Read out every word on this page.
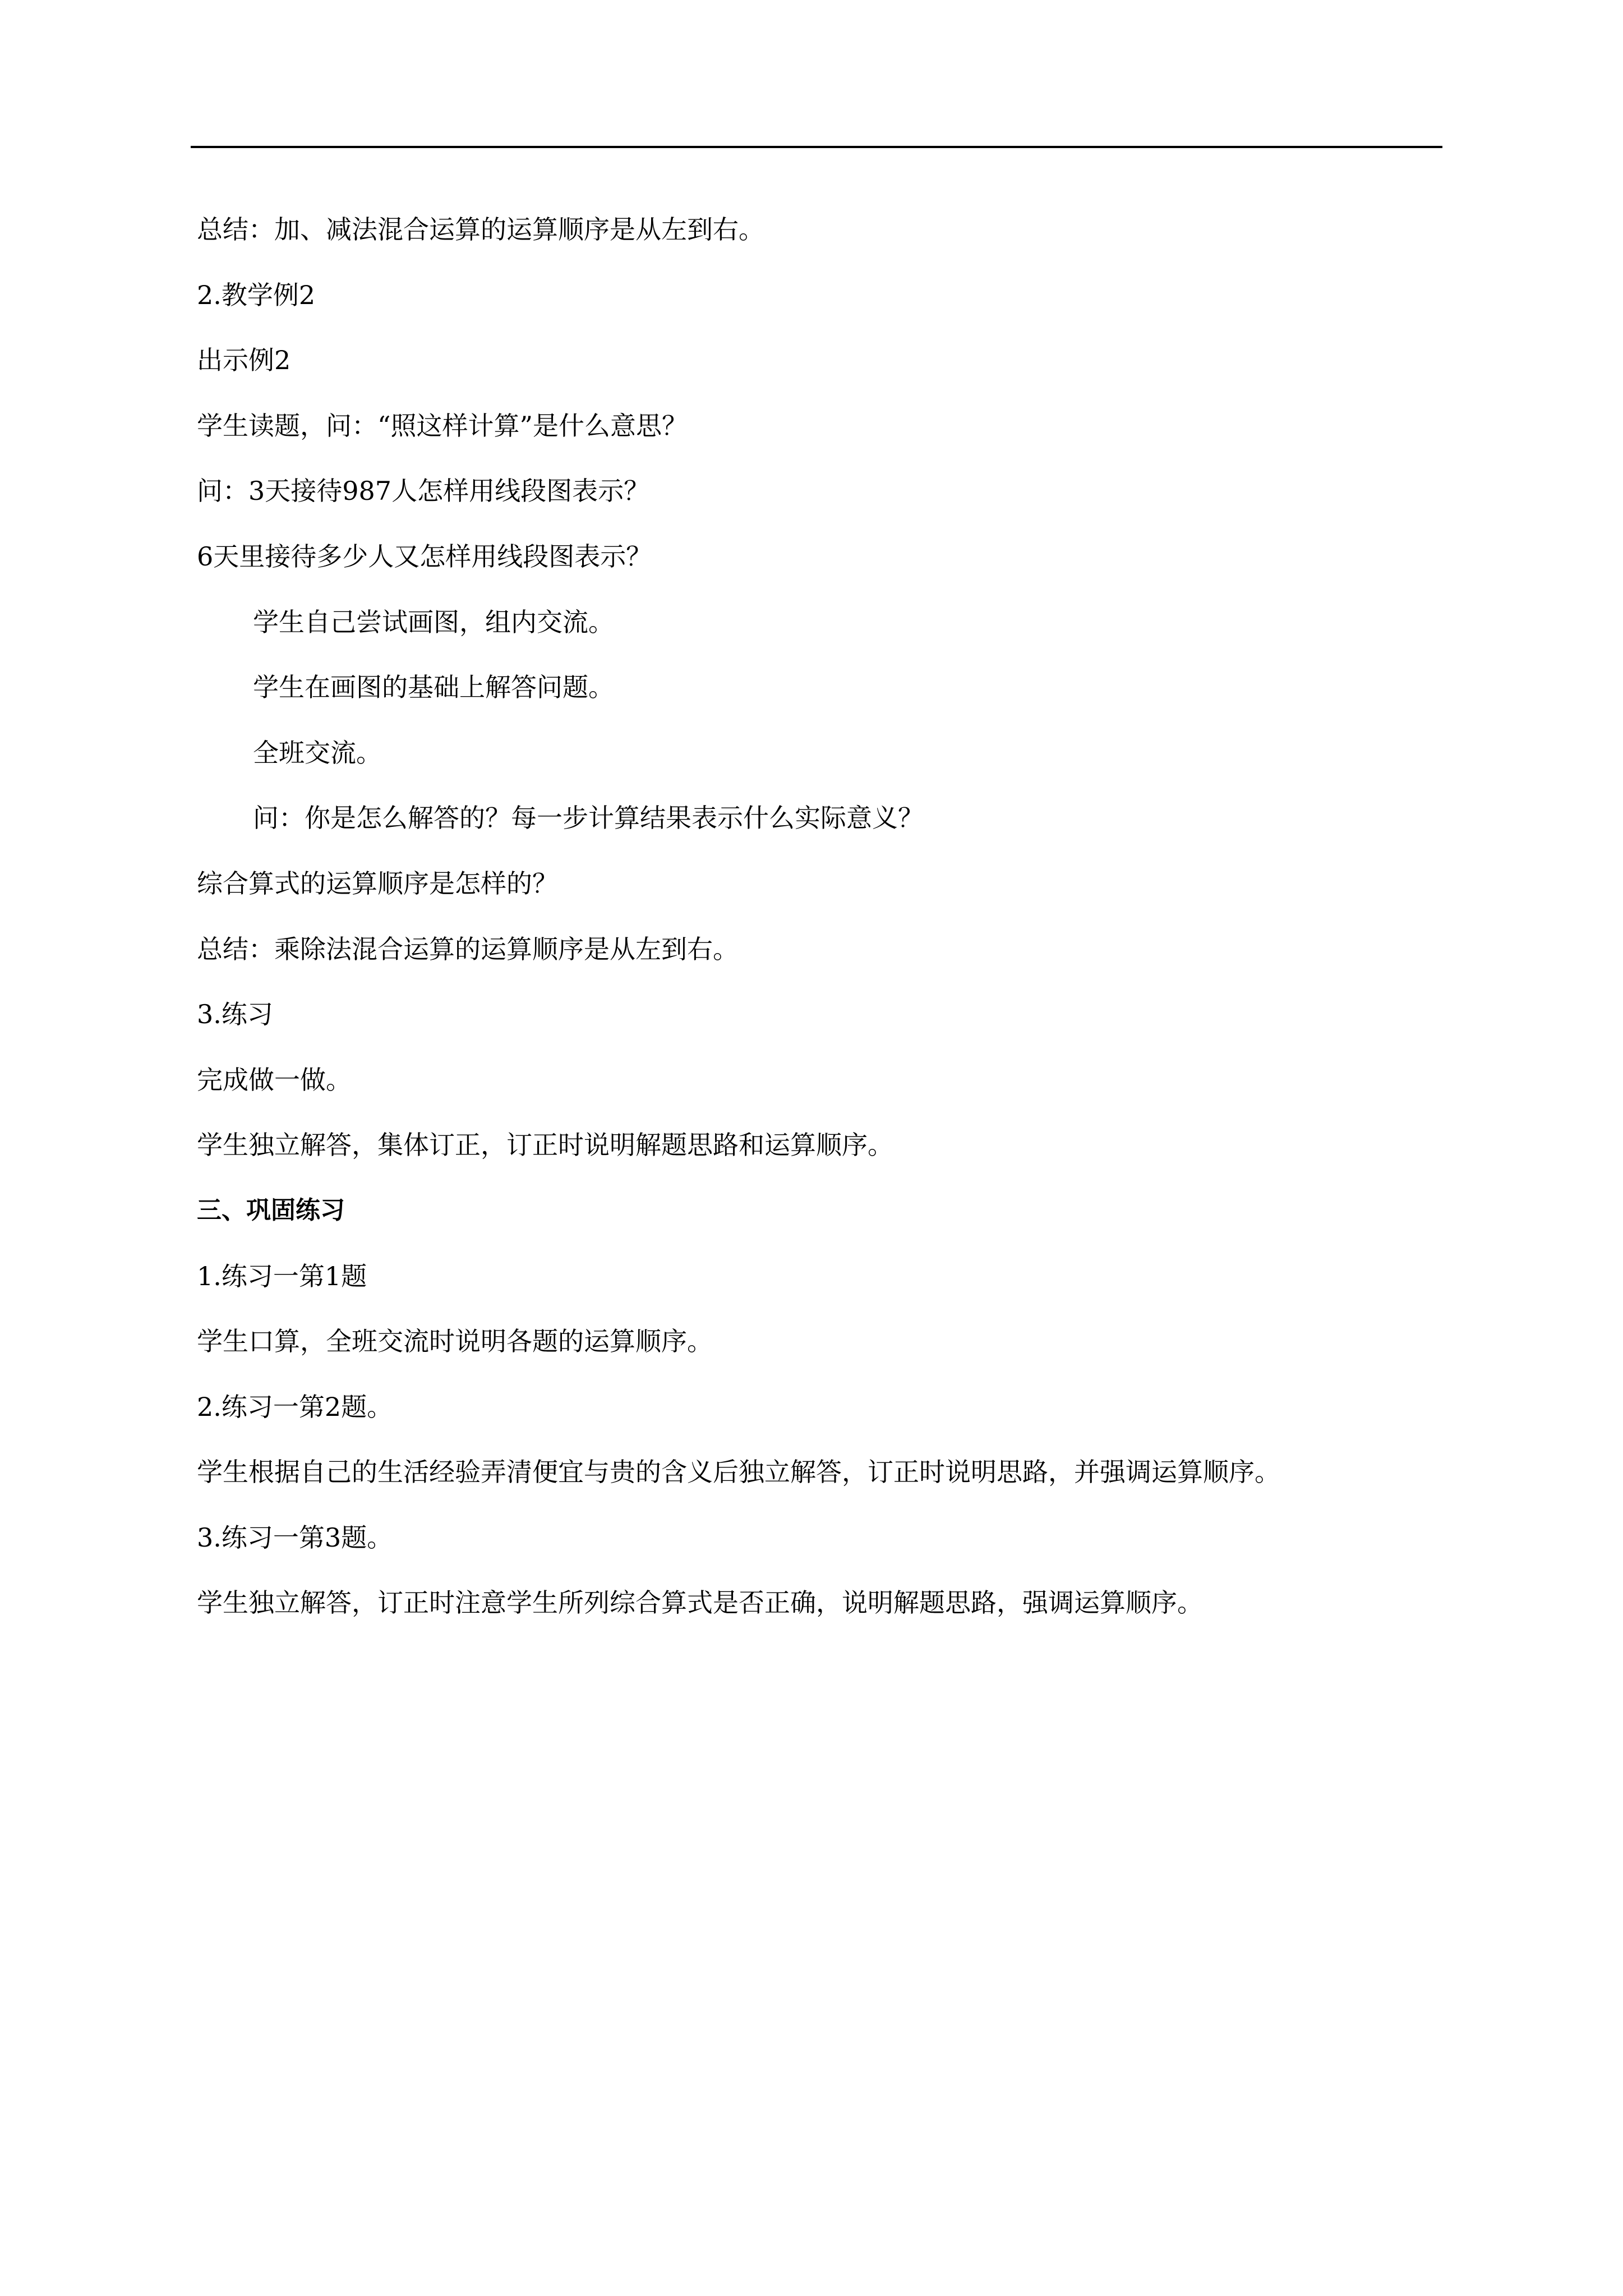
总结：加、减法混合运算的运算顺序是从左到右。
2.教学例2
出示例2
学生读题，问：“照这样计算”是什么意思？
问：3天接待987人怎样用线段图表示？
6天里接待多少人又怎样用线段图表示？
学生自己尝试画图，组内交流。
学生在画图的基础上解答问题。
全班交流。
问：你是怎么解答的？每一步计算结果表示什么实际意义？
综合算式的运算顺序是怎样的？
总结：乘除法混合运算的运算顺序是从左到右。
3.练习
完成做一做。
学生独立解答，集体订正，订正时说明解题思路和运算顺序。
三、巩固练习
1.练习一第1题
学生口算，全班交流时说明各题的运算顺序。
2.练习一第2题。
学生根据自己的生活经验弄清便宜与贵的含义后独立解答，订正时说明思路，并强调运算顺序。
3.练习一第3题。
学生独立解答，订正时注意学生所列综合算式是否正确，说明解题思路，强调运算顺序。
